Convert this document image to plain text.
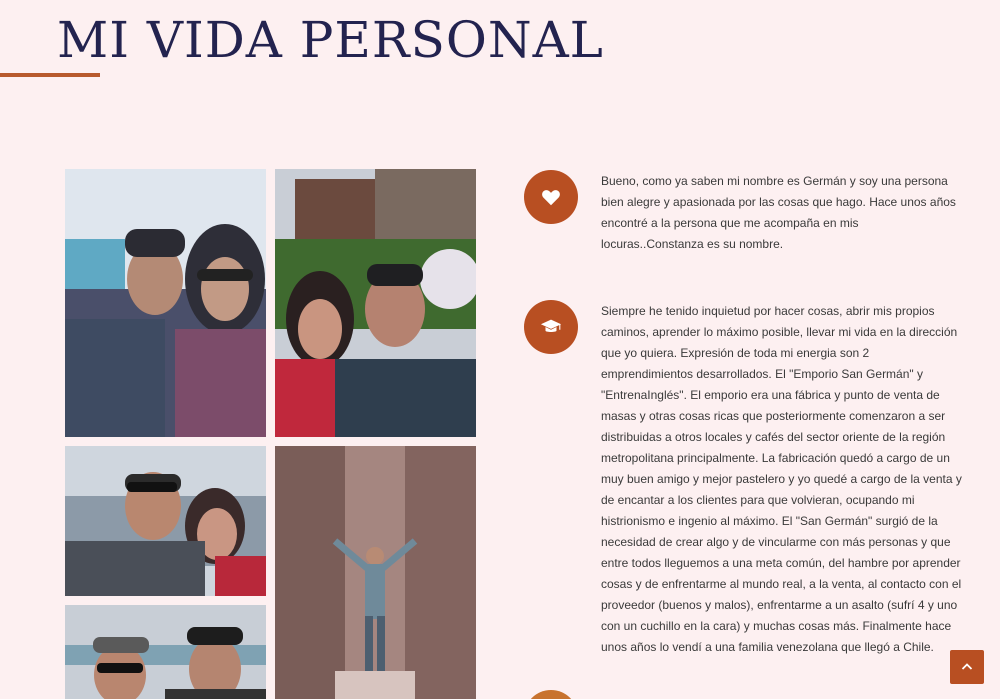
MI VIDA PERSONAL

Bueno, como ya saben mi nombre es Germán y soy una persona bien alegre y apasionada por las cosas que hago. Hace unos años encontré a la persona que me acompaña en mis locuras..Constanza es su nombre.

Siempre he tenido inquietud por hacer cosas, abrir mis propios caminos, aprender lo máximo posible, llevar mi vida en la dirección que yo quiera. Expresión de toda mi energia son 2 emprendimientos desarrollados. El "Emporio San Germán" y "EntrenaInglés". El emporio era una fábrica y punto de venta de masas y otras cosas ricas que posteriormente comenzaron a ser distribuidas a otros locales y cafés del sector oriente de la región metropolitana principalmente. La fabricación quedó a cargo de un muy buen amigo y mejor pastelero y yo quedé a cargo de la venta y de encantar a los clientes para que volvieran, ocupando mi histrionismo e ingenio al máximo. El "San Germán" surgió de la necesidad de crear algo y de vincularme con más personas y que entre todos lleguemos a una meta común, del hambre por aprender cosas y de enfrentarme al mundo real, a la venta, al contacto con el proveedor (buenos y malos), enfrentarme a un asalto (sufrí 4 y uno con un cuchillo en la cara) y muchas cosas más. Finalmente hace unos años lo vendí a una familia venezolana que llegó a Chile.
